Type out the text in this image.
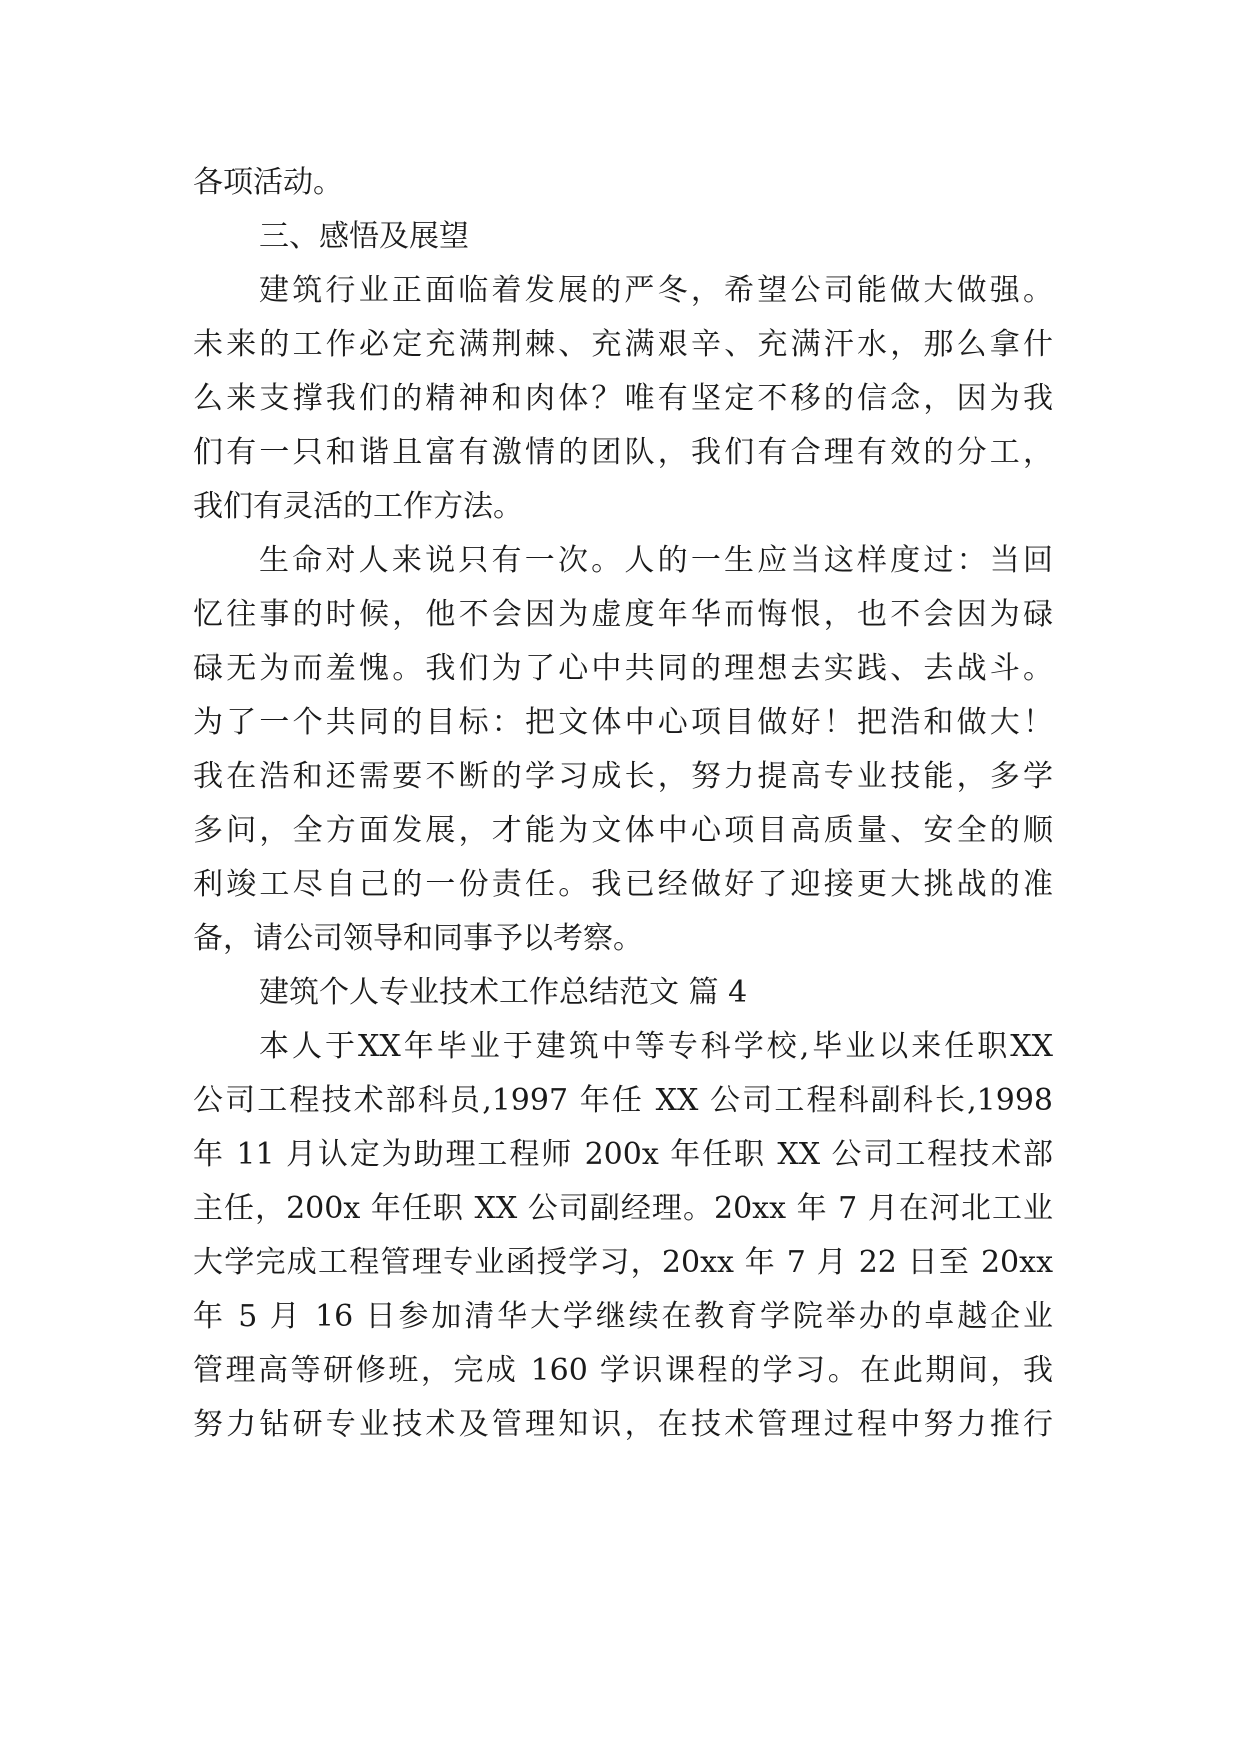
各项活动。
三、感悟及展望
建筑行业正面临着发展的严冬，希望公司能做大做强。
未来的工作必定充满荆棘、充满艰辛、充满汗水，那么拿什
么来支撑我们的精神和肉体？唯有坚定不移的信念，因为我
们有一只和谐且富有激情的团队，我们有合理有效的分工，
我们有灵活的工作方法。
生命对人来说只有一次。人的一生应当这样度过：当回
忆往事的时候，他不会因为虚度年华而悔恨，也不会因为碌
碌无为而羞愧。我们为了心中共同的理想去实践、去战斗。
为了一个共同的目标：把文体中心项目做好！把浩和做大！
我在浩和还需要不断的学习成长，努力提高专业技能，多学
多问，全方面发展，才能为文体中心项目高质量、安全的顺
利竣工尽自己的一份责任。我已经做好了迎接更大挑战的准
备，请公司领导和同事予以考察。
建筑个人专业技术工作总结范文 篇 4
本人于XX年毕业于建筑中等专科学校,毕业以来任职XX
公司工程技术部科员,1997 年任 XX 公司工程科副科长,1998
年 11 月认定为助理工程师 200x 年任职 XX 公司工程技术部
主任，200x 年任职 XX 公司副经理。20xx 年 7 月在河北工业
大学完成工程管理专业函授学习，20xx 年 7 月 22 日至 20xx
年 5 月 16 日参加清华大学继续在教育学院举办的卓越企业
管理高等研修班，完成 160 学识课程的学习。在此期间，我
努力钻研专业技术及管理知识，在技术管理过程中努力推行
